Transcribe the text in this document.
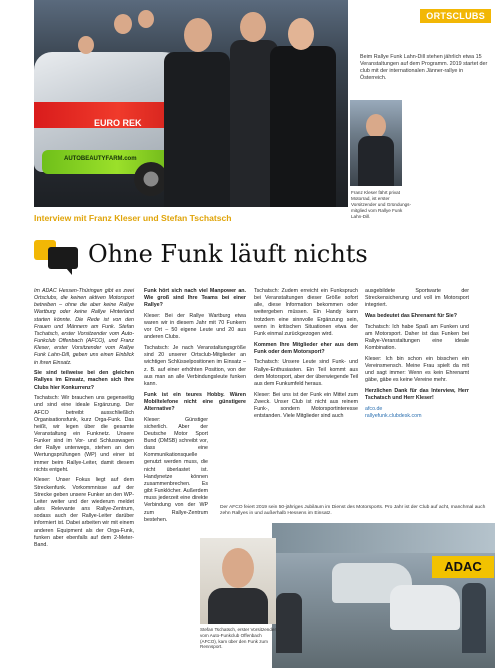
ORTSCLUBS
EURO REK
AUTOBEAUTYFARM.com
Beim Rallye Funk Lahn-Dill stehen jährlich etwa 15 Veranstaltungen auf dem Programm. 2019 startet der club mit der internationalen Jänner-rallye in Österreich.
Franz Kleser fährt privat Motorrad, ist erster Vorsitzender und Gründungs-mitglied vom Rallye Funk Lahn-Dill.
Interview mit Franz Kleser und Stefan Tschatsch
Ohne Funk läuft nichts

Im ADAC Hessen-Thüringen gibt es zwei Ortsclubs, die keinen aktiven Motorsport betreiben – ohne die aber keine Rallye Wartburg oder keine Rallye Hinterland starten könnte. Die Rede ist von den Frauen und Männern am Funk. Stefan Tschatsch, erster Vorsitzender vom Auto-Funkclub Offenbach (AFCO), und Franz Kleser, erster Vorsitzender vom Rallye Funk Lahn-Dill, geben uns einen Einblick in ihren Einsatz.

Sie sind teilweise bei den gleichen Rallyes im Einsatz, machen sich Ihre Clubs hier Konkurrenz?

Tschatsch: Wir brauchen uns gegenseitig und sind eine ideale Ergänzung. Der AFCO betreibt ausschließlich Organisationsfunk, kurz Orga-Funk. Das heißt, wir legen über die gesamte Veranstaltung ein Funknetz. Unsere Funker sind im Vor- und Schlusswagen der Rallye unterwegs, stehen an den Wertungsprüfungen (WP) und einer ist immer beim Rallye-Leiter, damit diesem nichts entgeht.

Kleser: Unser Fokus liegt auf dem Streckenfunk. Vorkommnisse auf der Strecke geben unsere Funker an den WP-Leiter weiter und der wiederum meldet alles Relevante ans Rallye-Zentrum, sodass auch der Rallye-Leiter darüber informiert ist. Dabei arbeiten wir mit einem anderen Equipment als der Orga-Funk, funken aber ebenfalls auf dem 2-Meter-Band.

Funk hört sich nach viel Manpower an. Wie groß sind Ihre Teams bei einer Rallye?

Kleser: Bei der Rallye Wartburg etwa waren wir in diesem Jahr mit 70 Funkern vor Ort – 50 eigene Leute und 20 aus anderen Clubs.

Tschatsch: Je nach Veranstaltungsgröße sind 20 unserer Ortsclub-Mitglieder an wichtigen Schlüsselpositionen im Einsatz – z. B. auf einer erhöhten Position, von der aus man an alle Verbindungsleute funken kann.

Funk ist ein teures Hobby. Wären Mobiltelefone nicht eine günstigere Alternative?

Kleser: Günstiger sicherlich. Aber der Deutsche Motor Sport Bund (DMSB) schreibt vor, dass eine Kommunikationsquelle genutzt werden muss, die nicht überlastet ist. Handynetze können zusammenbrechen. Es gibt Funklöcher. Außerdem muss jederzeit eine direkte Verbindung von der WP zum Rallye-Zentrum bestehen.

Tschatsch: Zudem erreicht ein Funkspruch bei Veranstaltungen dieser Größe sofort alle, diese Information bekommen oder weitergeben müssen. Ein Handy kann trotzdem eine sinnvolle Ergänzung sein, wenn in kritischen Situationen etwa der Funk einmal zurückgezogen wird.

Kommen Ihre Mitglieder eher aus dem Funk oder dem Motorsport?

Tschatsch: Unsere Leute sind Funk- und Rallye-Enthusiasten. Ein Teil kommt aus dem Motorsport, aber der überwiegende Teil aus dem Funkumfeld heraus.

Kleser: Bei uns ist der Funk ein Mittel zum Zweck. Unser Club ist nicht aus reinem Funk-, sondern Motorsportinteresse entstanden. Viele Mitglieder sind auch

ausgebildete Sportwarte der Streckensicherung und voll im Motorsport integriert.

Was bedeutet das Ehrenamt für Sie?

Tschatsch: Ich habe Spaß am Funken und am Motorsport. Daher ist das Funken bei Rallye-Veranstaltungen eine ideale Kombination.

Kleser: Ich bin schon ein bisschen ein Vereinsmensch. Meine Frau spielt da mit und sagt immer: Wenn es kein Ehrenamt gäbe, gäbe es keine Vereine mehr.

Herzlichen Dank für das Interview, Herr Tschatsch und Herr Kleser!

afco.de
rallyefunk.clubdesk.com

Der AFCO feiert 2019 sein 50-jähriges Jubiläum im Dienst des Motorsports. Pro Jahr ist der Club auf acht, manchmal auch zehn Rallyes in und außerhalb Hessens im Einsatz.
ADAC
Stefan Tschatsch, erster Vorsitzender vom Auto-Funkclub Offenbach (AFCO), kam über den Funk zum Rennsport.
